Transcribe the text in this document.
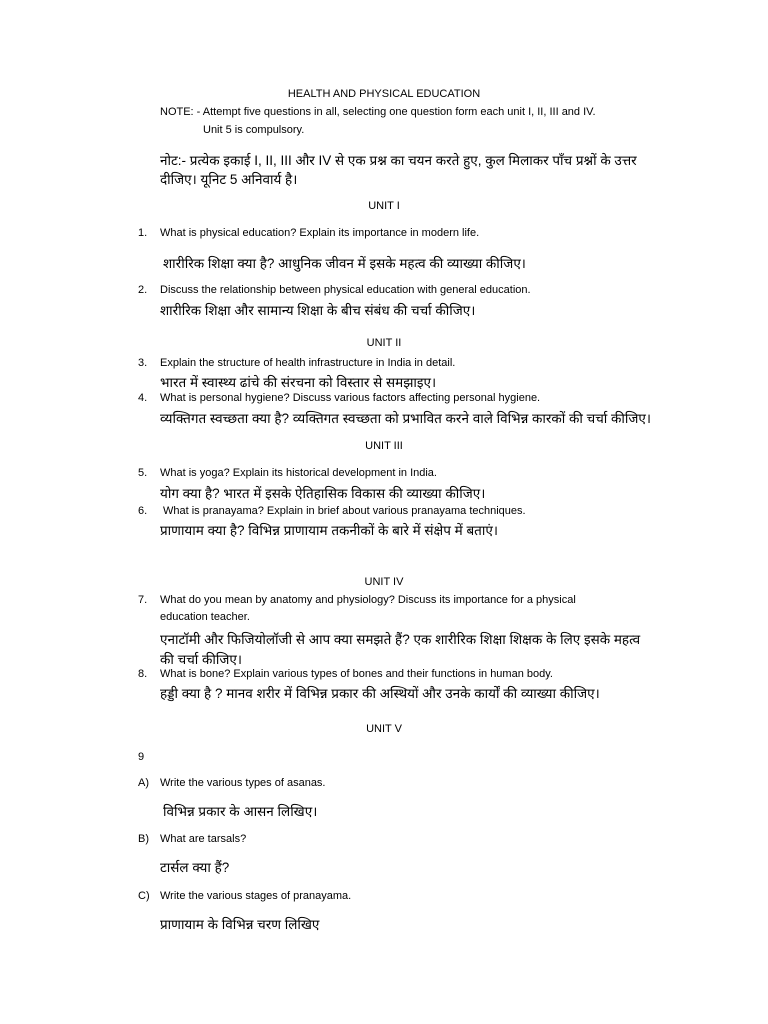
HEALTH AND PHYSICAL EDUCATION
NOTE: - Attempt five questions in all, selecting one question form each unit I, II, III and IV.
Unit 5 is compulsory.
नोट:- प्रत्येक इकाई I, II, III और IV से एक प्रश्न का चयन करते हुए, कुल मिलाकर पाँच प्रश्नों के उत्तर
दीजिए। यूनिट 5 अनिवार्य है।
UNIT I
1. What is physical education? Explain its importance in modern life.
शारीरिक शिक्षा क्या है? आधुनिक जीवन में इसके महत्व की व्याख्या कीजिए।
2. Discuss the relationship between physical education with general education.
शारीरिक शिक्षा और सामान्य शिक्षा के बीच संबंध की चर्चा कीजिए।
UNIT II
3. Explain the structure of health infrastructure in India in detail.
भारत में स्वास्थ्य ढांचे की संरचना को विस्तार से समझाइए।
4. What is personal hygiene? Discuss various factors affecting personal hygiene.
व्यक्तिगत स्वच्छता क्या है? व्यक्तिगत स्वच्छता को प्रभावित करने वाले विभिन्न कारकों की चर्चा कीजिए।
UNIT III
5. What is yoga? Explain its historical development in India.
योग क्या है? भारत में इसके ऐतिहासिक विकास की व्याख्या कीजिए।
6. What is pranayama? Explain in brief about various pranayama techniques.
प्राणायाम क्या है? विभिन्न प्राणायाम तकनीकों के बारे में संक्षेप में बताएं।
UNIT IV
7. What do you mean by anatomy and physiology? Discuss its importance for a physical
education teacher.
एनाटॉमी और फिजियोलॉजी से आप क्या समझते हैं? एक शारीरिक शिक्षा शिक्षक के लिए इसके महत्व
की चर्चा कीजिए।
8. What is bone? Explain various types of bones and their functions in human body.
हड्डी क्या है ? मानव शरीर में विभिन्न प्रकार की अस्थियों और उनके कार्यों की व्याख्या कीजिए।
UNIT V
9
A) Write the various types of asanas.
विभिन्न प्रकार के आसन लिखिए।
B) What are tarsals?
टार्सल क्या हैं?
C) Write the various stages of pranayama.
प्राणायाम के विभिन्न चरण लिखिए
